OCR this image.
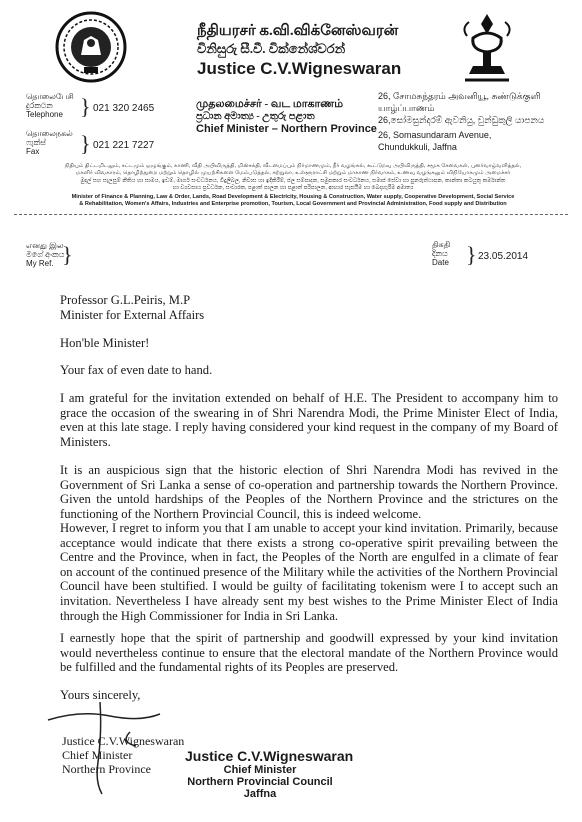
நீதியரசர் க.வி.விக்னேஸ்வரன்
විනිසුරු සී.වී. වික්නේශ්වරන්
Justice C.V.Wigneswaran
தொலைபேசி
දුරකථන
Telephone } 021 320 2465
தொலைநகல்
ෆැක්ස්
Fax	} 021 221 7227
முதலமைச்சர் - வட மாகாணம்
ප්‍රධාන අමාත්‍ය - උතුරු පළාත
Chief Minister – Northern Province
26, சோமசுந்தரம் அவனியூ, சுண்டுக்குளி யாழ்ப்பாணம்
26,සෝමසුන්දරම් ඇවනියු, චුන්ඩුකුලි යාපනය
26, Somasundaram Avenue,
Chundukkuli, Jaffna
நிதியும் திட்டமிடலும், சட்டமும் ஒழுங்கும், காணி, வீதி அபிவிருத்தி, மின்சக்தி, வீடமைப்பும் நிர்மாணமும், நீர் வழங்கல், கூட்டுறவு அபிவிருத்தி, சமூக சேவைகள், புனர்வாழ்வளித்தல்,
மகளிர் விவகாரம், தொழிற்துறை மற்றும் தொழில் முயற்சிகளை மேம்படுத்தல், சுற்றுலா, உள்ளூராட்சி மற்றும் மாகாண நிர்வாகம், உணவு வழங்கலும் விநியோகமும் அமைச்சர்
මුදල් සහ සැලසුම් නීතිය හා සාමය, ඉඩම්, මාර්ග සංවර්ධනය, විදුලිබල, නිවාස හා ඉදිකිරීම්, ජල සම්පාදන, සමුපකාර සංවර්ධනය, සමාජ සේවා හා පුනරුත්ථාපන, කාන්තා කටයුතු කර්මාන්ත
හා ව්‍යවසාය ප්‍රවර්ධන, සංචාරක, පළාත් පාලන හා පළාත් පරිපාලන, ආහාර සැපයීම හා බෙදාහැරීම අමාත්‍ය
Minister of Finance & Planning, Law & Order, Lands, Road Development & Electricity, Housing & Construction, Water supply, Cooperative Development, Social Service
& Rehabilitation, Women's Affairs, Industries and Enterprise promotion, Tourism, Local Government and Provincial Administration, Food supply and Distribution
எனது இல
මගේ අංකය
My Ref. }	திகதி
දිනය
Date } 23.05.2014
Professor G.L.Peiris, M.P
Minister for External Affairs
Hon'ble Minister!
Your fax of even date to hand.
I am grateful for the invitation extended on behalf of H.E. The President to accompany him to grace the occasion of the swearing in of Shri Narendra Modi, the Prime Minister Elect of India, even at this late stage. I reply having considered your kind request in the company of my Board of Ministers.
It is an auspicious sign that the historic election of Shri Narendra Modi has revived in the Government of Sri Lanka a sense of co-operation and partnership towards the Northern Province. Given the untold hardships of the Peoples of the Northern Province and the strictures on the functioning of the Northern Provincial Council, this is indeed welcome.
However, I regret to inform you that I am unable to accept your kind invitation. Primarily, because acceptance would indicate that there exists a strong co-operative spirit prevailing between the Centre and the Province, when in fact, the Peoples of the North are engulfed in a climate of fear on account of the continued presence of the Military while the activities of the Northern Provincial Council have been stultified. I would be guilty of facilitating tokenism were I to accept such an invitation. Nevertheless I have already sent my best wishes to the Prime Minister Elect of India through the High Commissioner for India in Sri Lanka.
I earnestly hope that the spirit of partnership and goodwill expressed by your kind invitation would nevertheless continue to ensure that the electoral mandate of the Northern Province would be fulfilled and the fundamental rights of its Peoples are preserved.
Yours sincerely,
Justice C.V.Wigneswaran
Chief Minister
Northern Province
Justice C.V.Wigneswaran
Chief Minister
Northern Provincial Council
Jaffna
